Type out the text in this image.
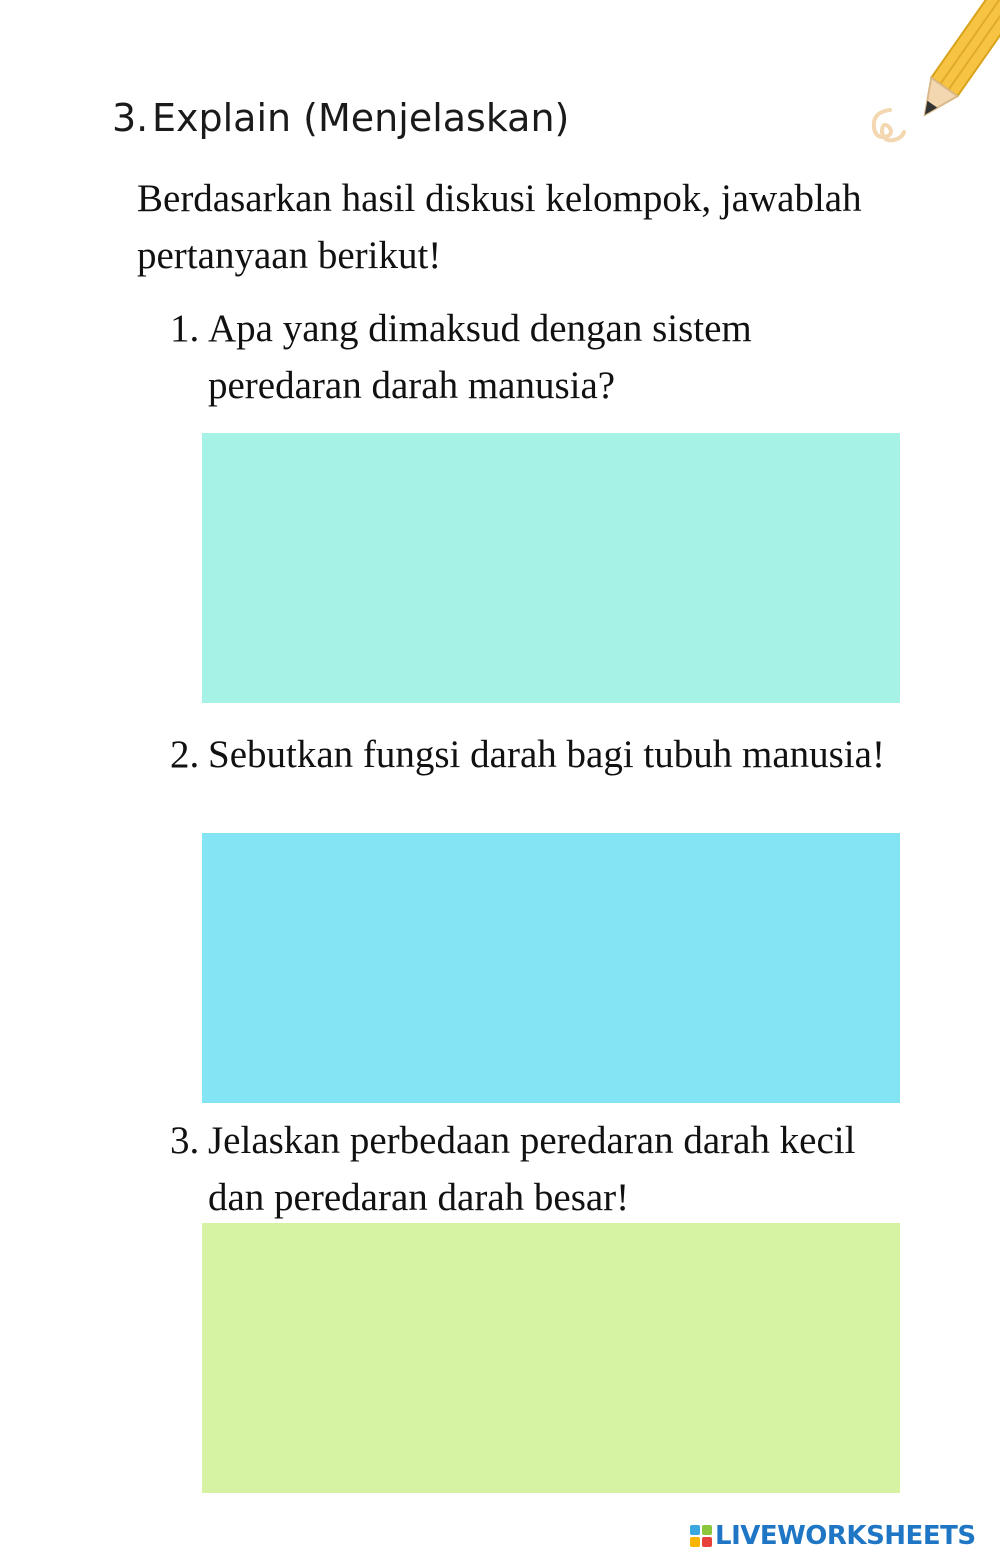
3. Explain (Menjelaskan)

Berdasarkan hasil diskusi kelompok, jawablah pertanyaan berikut!

1. Apa yang dimaksud dengan sistem peredaran darah manusia?
2. Sebutkan fungsi darah bagi tubuh manusia!
3. Jelaskan perbedaan peredaran darah kecil dan peredaran darah besar!
LIVEWORKSHEETS
